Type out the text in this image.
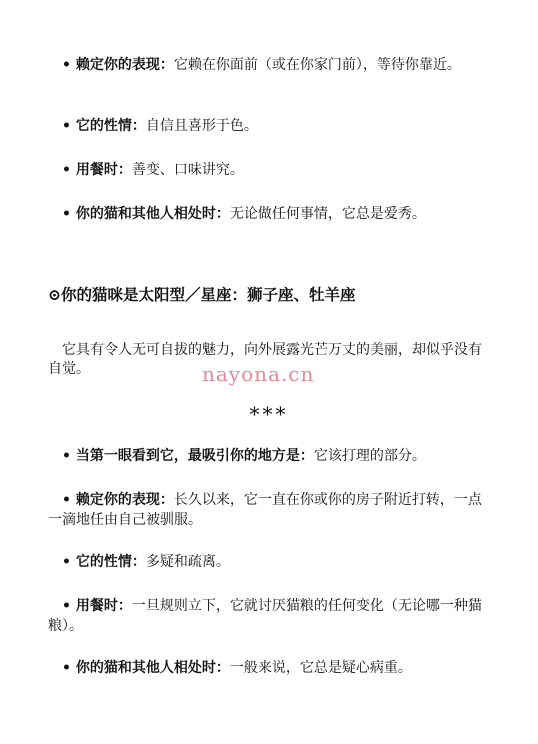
• 赖定你的表现：它赖在你面前（或在你家门前），等待你靠近。

• 它的性情：自信且喜形于色。

• 用餐时：善变、口味讲究。

• 你的猫和其他人相处时：无论做任何事情，它总是爱秀。

⊙你的猫咪是太阳型／星座：狮子座、牡羊座

　它具有令人无可自拔的魅力，向外展露光芒万丈的美丽，却似乎没有自觉。	nayona.cn

***

• 当第一眼看到它，最吸引你的地方是：它该打理的部分。

• 赖定你的表现：长久以来，它一直在你或你的房子附近打转，一点一滴地任由自己被驯服。

• 它的性情：多疑和疏离。

• 用餐时：一旦规则立下，它就讨厌猫粮的任何变化（无论哪一种猫粮）。

• 你的猫和其他人相处时：一般来说，它总是疑心病重。
